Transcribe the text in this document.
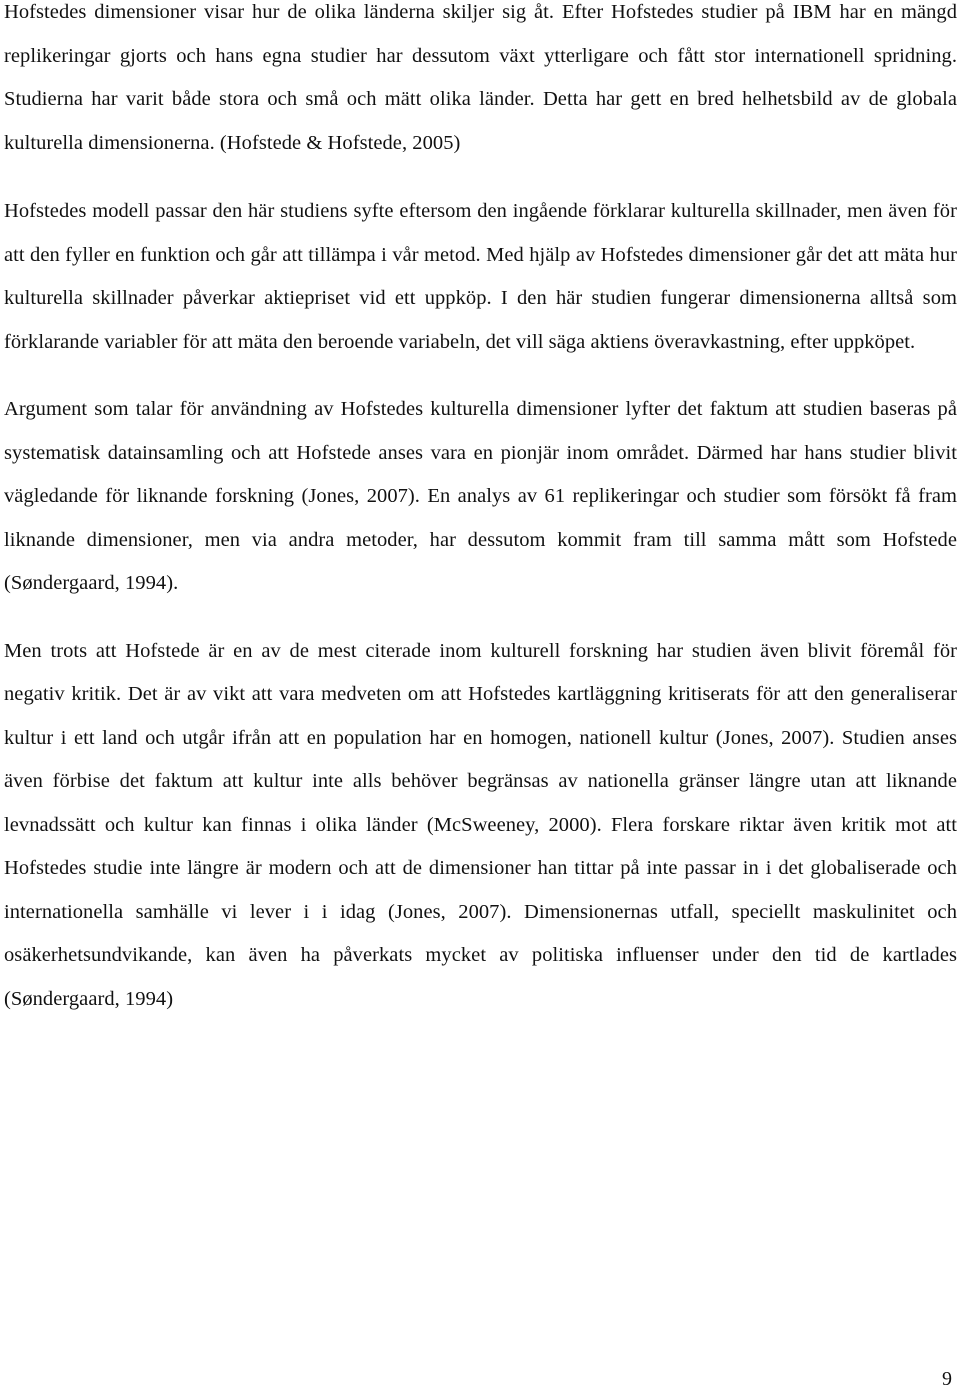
Hofstedes dimensioner visar hur de olika länderna skiljer sig åt. Efter Hofstedes studier på IBM har en mängd replikeringar gjorts och hans egna studier har dessutom växt ytterligare och fått stor internationell spridning. Studierna har varit både stora och små och mätt olika länder. Detta har gett en bred helhetsbild av de globala kulturella dimensionerna. (Hofstede & Hofstede, 2005)

Hofstedes modell passar den här studiens syfte eftersom den ingående förklarar kulturella skillnader, men även för att den fyller en funktion och går att tillämpa i vår metod. Med hjälp av Hofstedes dimensioner går det att mäta hur kulturella skillnader påverkar aktiepriset vid ett uppköp. I den här studien fungerar dimensionerna alltså som förklarande variabler för att mäta den beroende variabeln, det vill säga aktiens överavkastning, efter uppköpet.

Argument som talar för användning av Hofstedes kulturella dimensioner lyfter det faktum att studien baseras på systematisk datainsamling och att Hofstede anses vara en pionjär inom området. Därmed har hans studier blivit vägledande för liknande forskning (Jones, 2007). En analys av 61 replikeringar och studier som försökt få fram liknande dimensioner, men via andra metoder, har dessutom kommit fram till samma mått som Hofstede (Søndergaard, 1994).

Men trots att Hofstede är en av de mest citerade inom kulturell forskning har studien även blivit föremål för negativ kritik. Det är av vikt att vara medveten om att Hofstedes kartläggning kritiserats för att den generaliserar kultur i ett land och utgår ifrån att en population har en homogen, nationell kultur (Jones, 2007). Studien anses även förbise det faktum att kultur inte alls behöver begränsas av nationella gränser längre utan att liknande levnadssätt och kultur kan finnas i olika länder (McSweeney, 2000). Flera forskare riktar även kritik mot att Hofstedes studie inte längre är modern och att de dimensioner han tittar på inte passar in i det globaliserade och internationella samhälle vi lever i i idag (Jones, 2007). Dimensionernas utfall, speciellt maskulinitet och osäkerhetsundvikande, kan även ha påverkats mycket av politiska influenser under den tid de kartlades (Søndergaard, 1994)

9
